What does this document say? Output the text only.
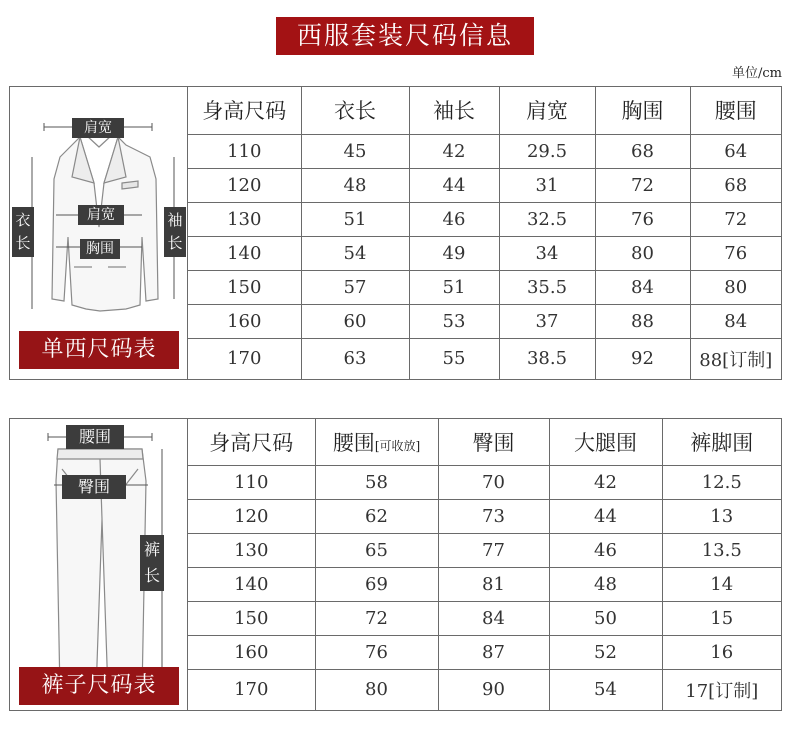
西服套装尺码信息
单位/cm
肩宽
肩宽
胸围
衣
长
袖
长
单西尺码表
身高尺码	衣长	袖长	肩宽	胸围	腰围
110	45	42	29.5	68	64
120	48	44	31	72	68
130	51	46	32.5	76	72
140	54	49	34	80	76
150	57	51	35.5	84	80
160	60	53	37	88	84
170	63	55	38.5	92	88[订制]
腰围
臀围
裤
长
裤子尺码表
身高尺码	腰围[可收放]	臀围	大腿围	裤脚围
110	58	70	42	12.5
120	62	73	44	13
130	65	77	46	13.5
140	69	81	48	14
150	72	84	50	15
160	76	87	52	16
170	80	90	54	17[订制]
